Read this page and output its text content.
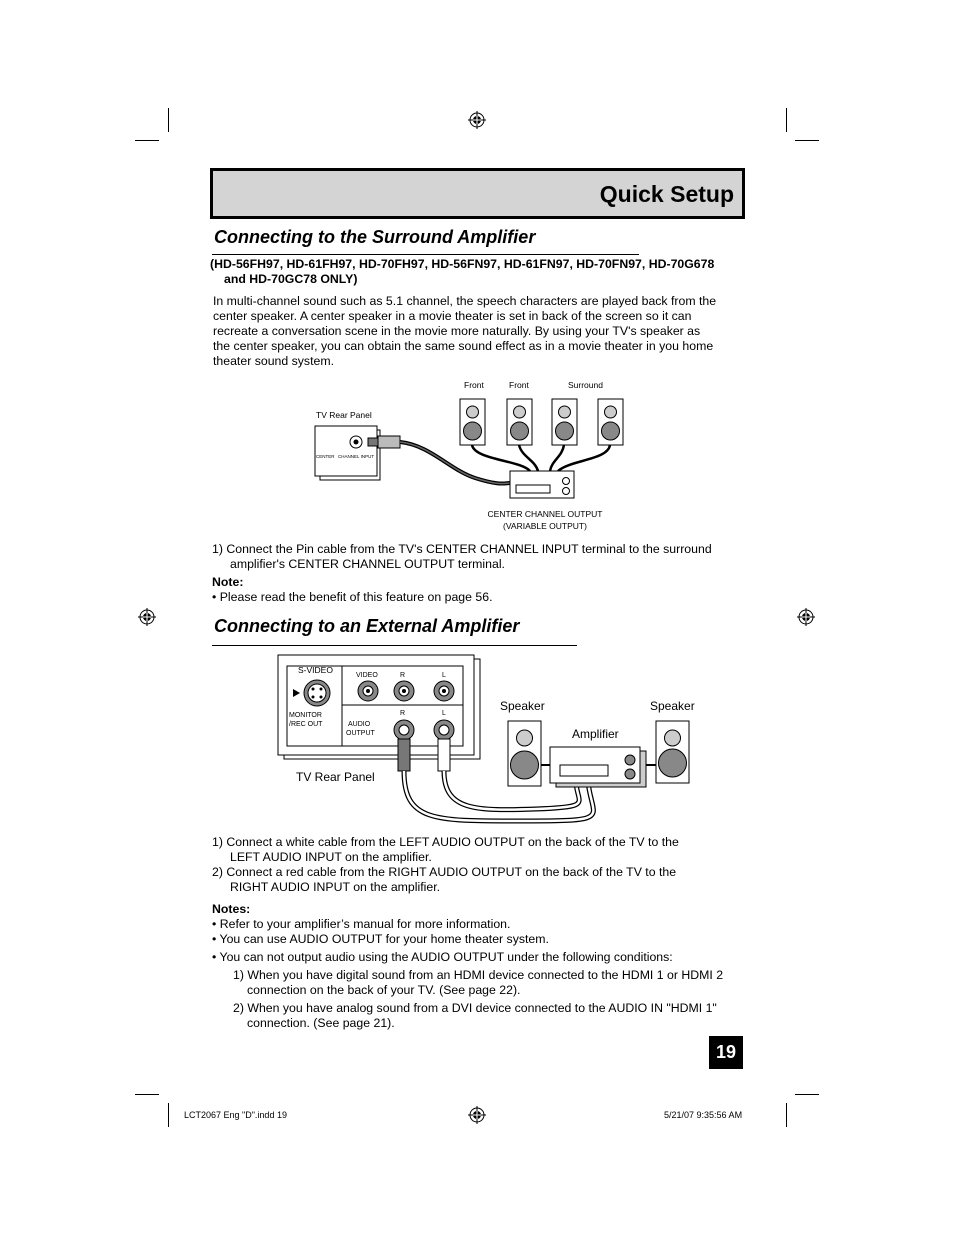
Quick Setup
Connecting to the Surround Amplifier
(HD-56FH97, HD-61FH97, HD-70FH97, HD-56FN97, HD-61FN97, HD-70FN97, HD-70G678
and HD-70GC78 ONLY)
In multi-channel sound such as 5.1 channel, the speech characters are played back from the
center speaker. A center speaker in a movie theater is set in back of the screen so it can
recreate a conversation scene in the movie more naturally. By using your TV's speaker as
the center speaker, you can obtain the same sound effect as in a movie theater in you home
theater sound system.
Front	Front	Surround
TV Rear Panel
CENTER CHANNEL INPUT
CENTER CHANNEL OUTPUT
(VARIABLE OUTPUT)
1) Connect the Pin cable from the TV's CENTER CHANNEL INPUT terminal to the surround
amplifier's CENTER CHANNEL OUTPUT terminal.
Note:
• Please read the benefit of this feature on page 56.
Connecting to an External Amplifier
S-VIDEO
VIDEO	R	L
R	L
MONITOR
/REC OUT	AUDIO
OUTPUT
TV Rear Panel
Speaker	Speaker
Amplifier
1) Connect a white cable from the LEFT AUDIO OUTPUT on the back of the TV to the
LEFT AUDIO INPUT on the amplifier.
2) Connect a red cable from the RIGHT AUDIO OUTPUT on the back of the TV to the
RIGHT AUDIO INPUT on the amplifier.
Notes:
• Refer to your amplifier’s manual for more information.
• You can use AUDIO OUTPUT for your home theater system.
• You can not output audio using the AUDIO OUTPUT under the following conditions:
1) When you have digital sound from an HDMI device connected to the HDMI 1 or HDMI 2
connection on the back of your TV. (See page 22).
2) When you have analog sound from a DVI device connected to the AUDIO IN "HDMI 1"
connection. (See page 21).
19
LCT2067 Eng "D".indd 19	5/21/07 9:35:56 AM
